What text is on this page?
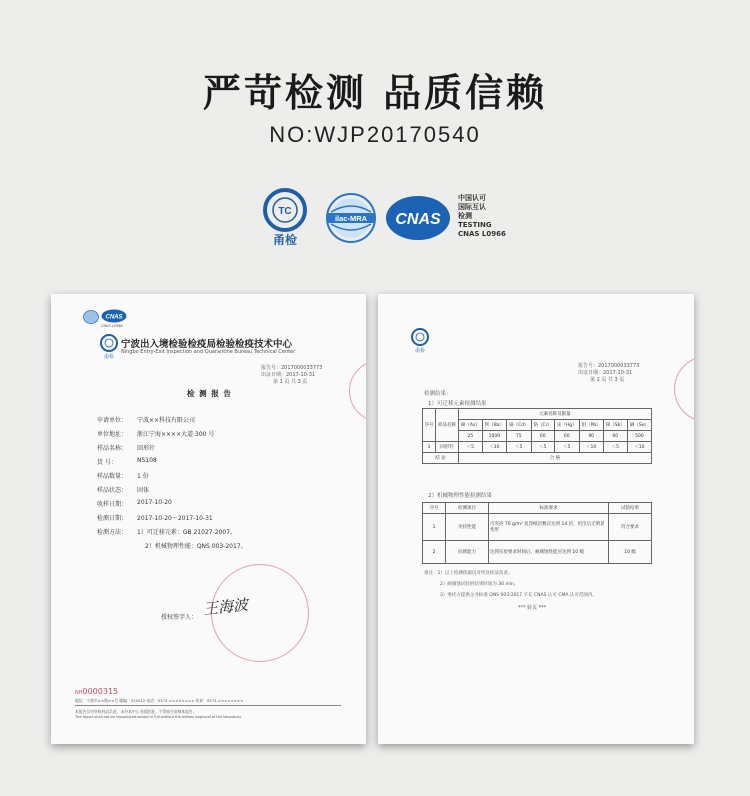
严苛检测 品质信赖
NO:WJP20170540
TC
甬检
ilac-MRA CNAS
中国认可
国际互认
检测
TESTING
CNAS L0966
CNAS
CNAS L0966
甬检
宁波出入境检验检疫局检验检疫技术中心
Ningbo Entry-Exit Inspection and Quarantine Bureau Technical Center
报告号：2017000033773
出证日期：2017-10-31
第 1 页 共 3 页
检 测 报 告
申请单位：	宁波××科技有限公司
单位地址：	浙江宁海××××大道 300 号
样品名称：	回形针
货 号：	NS108
样品数量：	1 份
样品状态：	固体
收样日期：	2017-10-20
检测日期：	2017-10-20～2017-10-31
检测方法：	1）可迁移元素：GB 21027-2007。
2）机械物理性能：QNS 003-2017。
授权签字人： 王海波
NH0000315
地址：宁波市××路××号 邮编：315012 电话：0574-×××××××× 传真：0574-××××××××
本报告仅对所检样品负责，未经本中心书面批准，不得部分复制本报告。
The report shall not be reproduced except in full without the written approval of the laboratory.
甬检
报告号：2017000033773
出证日期：2017-10-31
第 2 页 共 3 页
检测结果：
1）可迁移元素检测结果
序号	样品名称	元素名称及限量							
		砷（As）	钡（Ba）	镉（Cd）	铬（Cr）	汞（Hg）	铅（Pb）	锑（Sb）	硒（Se）
		25	1000	75	60	60	90	60	500
1	回形针	＜5	＜10	＜5	＜5	＜5	＜10	＜5	＜10
结 论		合 格							
2）机械物理性能检测结果
序号	检测项目	标准要求	试验结果
1	夹持性能	可夹持 70 g/m² 复印纸层数应达到 14 层，但出后无明显变形	符合要求
2	抗锈能力	达到实验要求时间后，耐腐蚀性能应达到 10 级	10 级
备注：1）以上检测依据仅对所送样品负责。
2）耐腐蚀试验的结果时间为 30 min。
3）委托方提供企业标准 QNS 003-2017 不在 CNAS 认可 CMA 认可范围内。
*** 转页 ***
